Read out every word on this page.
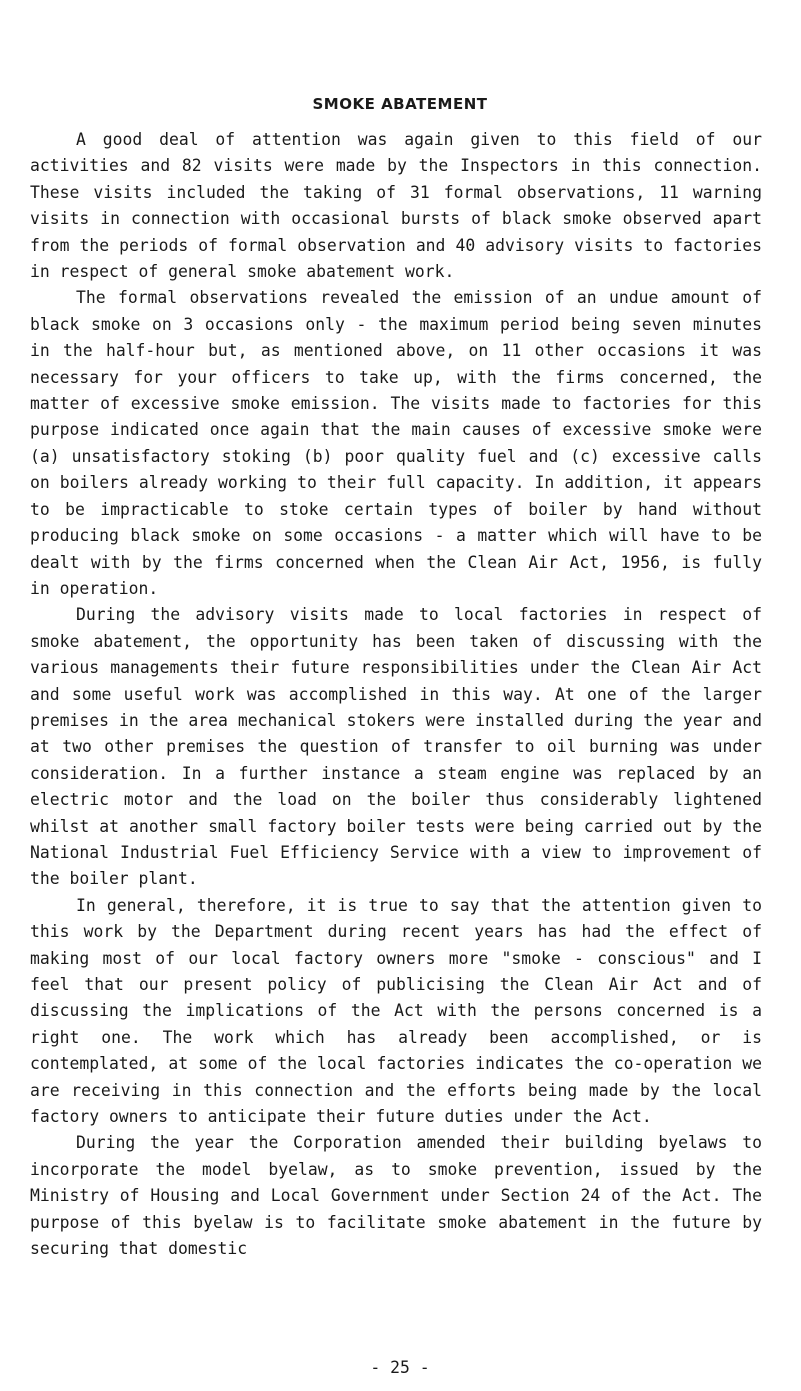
SMOKE ABATEMENT

A good deal of attention was again given to this field of our activities and 82 visits were made by the Inspectors in this connection. These visits included the taking of 31 formal observations, 11 warning visits in connection with occasional bursts of black smoke observed apart from the periods of formal observation and 40 advisory visits to factories in respect of general smoke abatement work.

The formal observations revealed the emission of an undue amount of black smoke on 3 occasions only - the maximum period being seven minutes in the half-hour but, as mentioned above, on 11 other occasions it was necessary for your officers to take up, with the firms concerned, the matter of excessive smoke emission. The visits made to factories for this purpose indicated once again that the main causes of excessive smoke were (a) unsatisfactory stoking (b) poor quality fuel and (c) excessive calls on boilers already working to their full capacity. In addition, it appears to be impracticable to stoke certain types of boiler by hand without producing black smoke on some occasions - a matter which will have to be dealt with by the firms concerned when the Clean Air Act, 1956, is fully in operation.

During the advisory visits made to local factories in respect of smoke abatement, the opportunity has been taken of discussing with the various managements their future responsibilities under the Clean Air Act and some useful work was accomplished in this way. At one of the larger premises in the area mechanical stokers were installed during the year and at two other premises the question of transfer to oil burning was under consideration. In a further instance a steam engine was replaced by an electric motor and the load on the boiler thus considerably lightened whilst at another small factory boiler tests were being carried out by the National Industrial Fuel Efficiency Service with a view to improvement of the boiler plant.

In general, therefore, it is true to say that the attention given to this work by the Department during recent years has had the effect of making most of our local factory owners more "smoke - conscious" and I feel that our present policy of publicising the Clean Air Act and of discussing the implications of the Act with the persons concerned is a right one. The work which has already been accomplished, or is contemplated, at some of the local factories indicates the co-operation we are receiving in this connection and the efforts being made by the local factory owners to anticipate their future duties under the Act.

During the year the Corporation amended their building byelaws to incorporate the model byelaw, as to smoke prevention, issued by the Ministry of Housing and Local Government under Section 24 of the Act. The purpose of this byelaw is to facilitate smoke abatement in the future by securing that domestic

- 25 -
